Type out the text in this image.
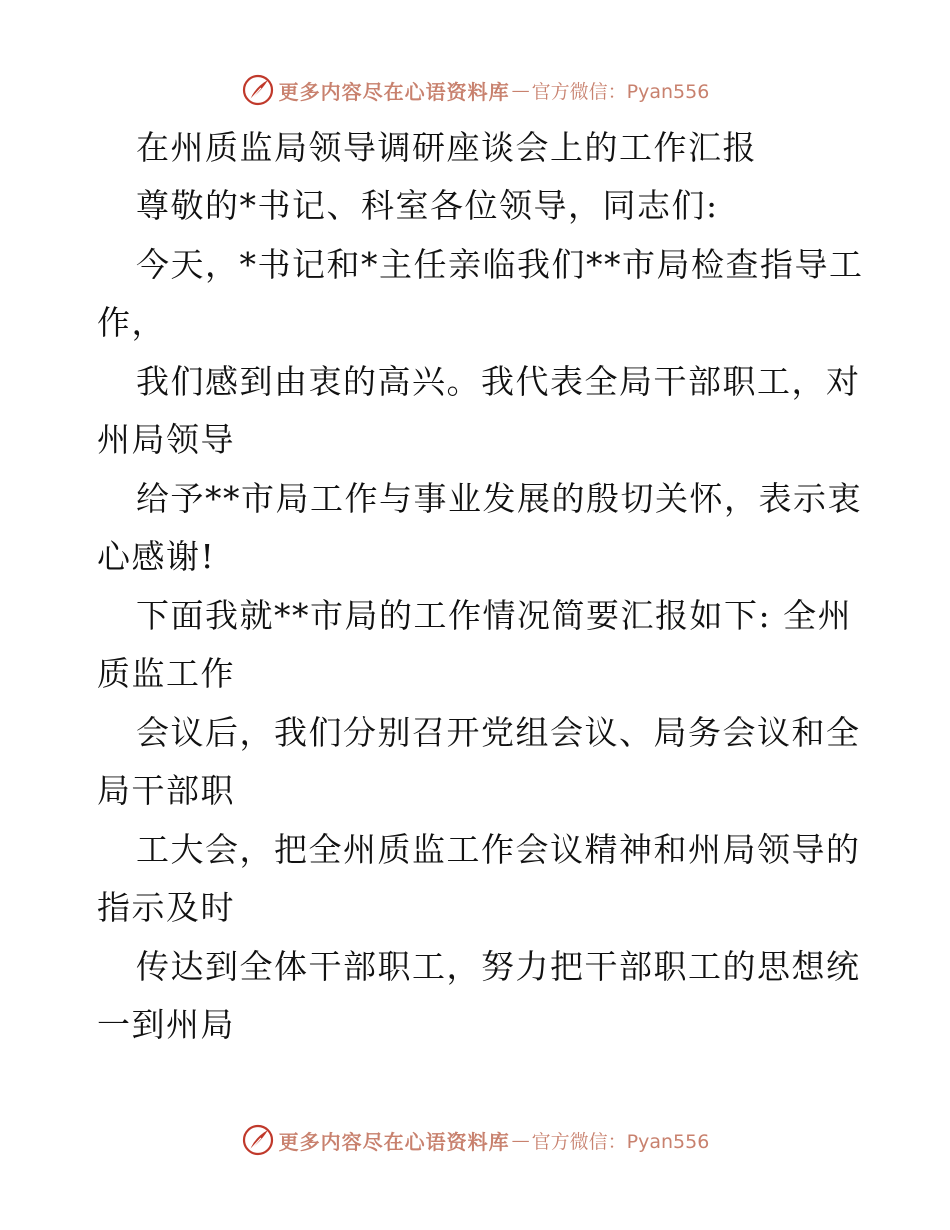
更多内容尽在心语资料库 — 官方微信：Pyan556
在州质监局领导调研座谈会上的工作汇报
尊敬的*书记、科室各位领导，同志们:
今天，*书记和*主任亲临我们**市局检查指导工
作，
我们感到由衷的高兴。我代表全局干部职工，对
州局领导
给予**市局工作与事业发展的殷切关怀，表示衷
心感谢!
下面我就**市局的工作情况简要汇报如下: 全州
质监工作
会议后，我们分别召开党组会议、局务会议和全
局干部职
工大会，把全州质监工作会议精神和州局领导的
指示及时
传达到全体干部职工，努力把干部职工的思想统
一到州局
更多内容尽在心语资料库 — 官方微信：Pyan556
